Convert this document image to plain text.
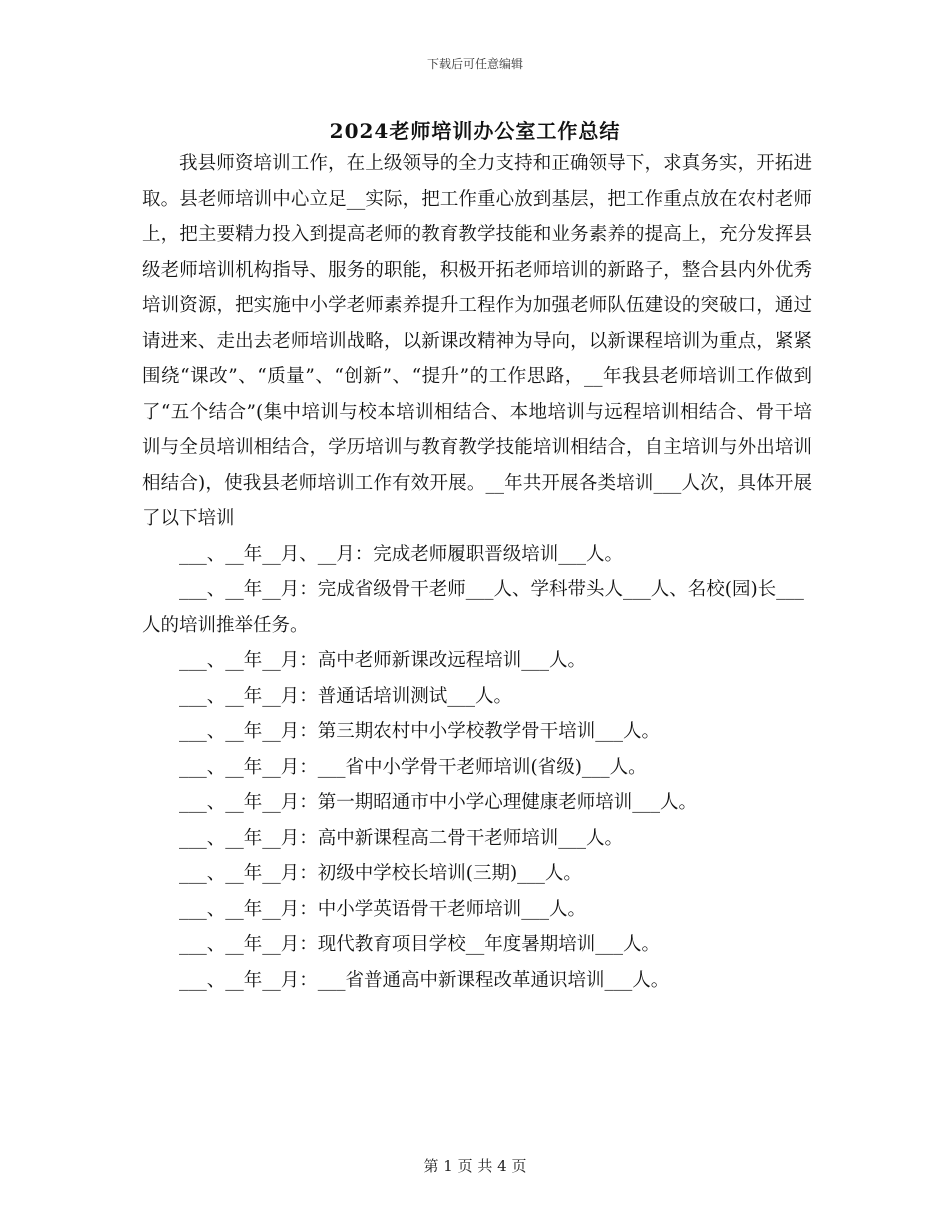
下载后可任意编辑
2024老师培训办公室工作总结

我县师资培训工作，在上级领导的全力支持和正确领导下，求真务实，开拓进取。县老师培训中心立足__实际，把工作重心放到基层，把工作重点放在农村老师上，把主要精力投入到提高老师的教育教学技能和业务素养的提高上，充分发挥县级老师培训机构指导、服务的职能，积极开拓老师培训的新路子，整合县内外优秀培训资源，把实施中小学老师素养提升工程作为加强老师队伍建设的突破口，通过请进来、走出去老师培训战略，以新课改精神为导向，以新课程培训为重点，紧紧围绕“课改”、“质量”、“创新”、“提升”的工作思路，__年我县老师培训工作做到了“五个结合”(集中培训与校本培训相结合、本地培训与远程培训相结合、骨干培训与全员培训相结合，学历培训与教育教学技能培训相结合，自主培训与外出培训相结合)，使我县老师培训工作有效开展。__年共开展各类培训___人次，具体开展了以下培训

___、__年__月、__月：完成老师履职晋级培训___人。

___、__年__月：完成省级骨干老师___人、学科带头人___人、名校(园)长___人的培训推举任务。

___、__年__月：高中老师新课改远程培训___人。

___、__年__月：普通话培训测试___人。

___、__年__月：第三期农村中小学校教学骨干培训___人。

___、__年__月：___省中小学骨干老师培训(省级)___人。

___、__年__月：第一期昭通市中小学心理健康老师培训___人。

___、__年__月：高中新课程高二骨干老师培训___人。

___、__年__月：初级中学校长培训(三期)___人。

___、__年__月：中小学英语骨干老师培训___人。

___、__年__月：现代教育项目学校__年度暑期培训___人。

___、__年__月：___省普通高中新课程改革通识培训___人。

第 1 页 共 4 页
